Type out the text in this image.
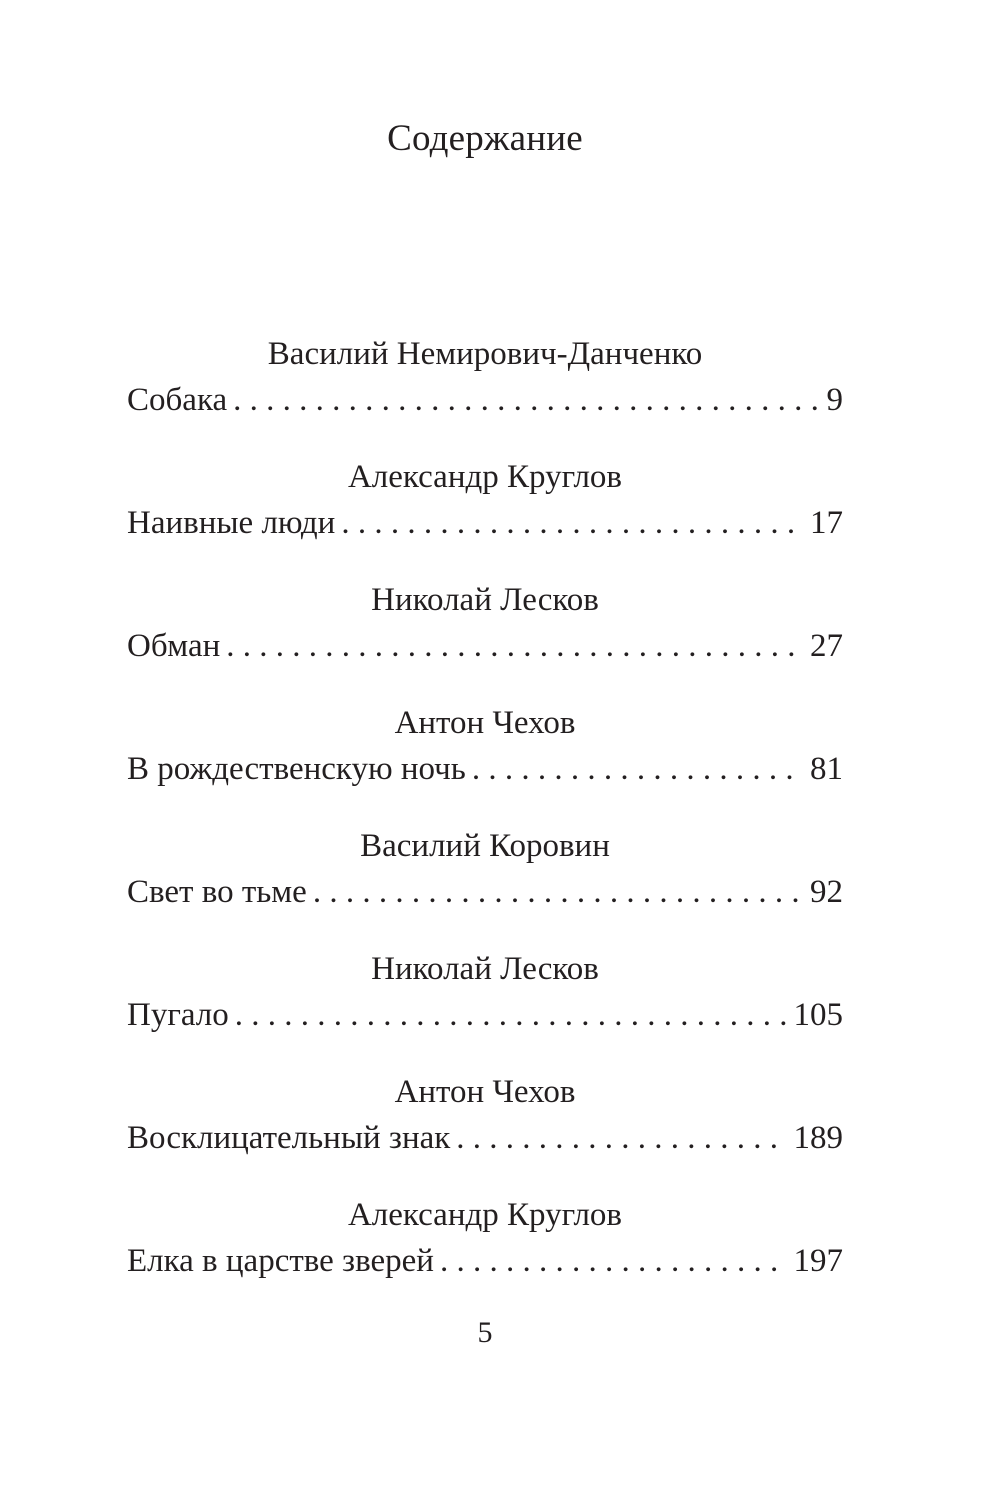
Содержание
Василий Немирович-Данченко
Собака . . .	9
Александр Круглов
Наивные люди . . .	17
Николай Лесков
Обман . . .	27
Антон Чехов
В рождественскую ночь . . .	81
Василий Коровин
Свет во тьме . . .	92
Николай Лесков
Пугало . . .	105
Антон Чехов
Восклицательный знак . . .	189
Александр Круглов
Елка в царстве зверей . . .	197
5
